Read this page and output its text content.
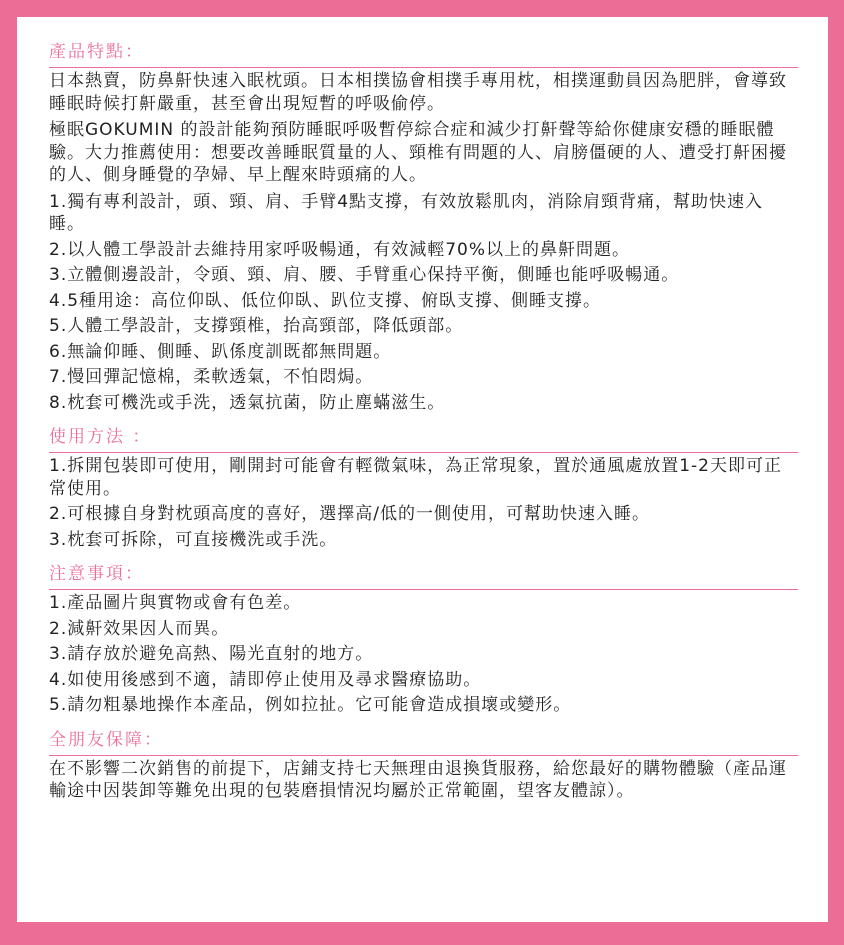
產品特點：

日本熱賣，防鼻鼾快速入眠枕頭。日本相撲協會相撲手專用枕，相撲運動員因為肥胖，會導致睡眠時候打鼾嚴重，甚至會出現短暫的呼吸偷停。

極眠GOKUMIN 的設計能夠預防睡眠呼吸暫停綜合症和減少打鼾聲等給你健康安穩的睡眠體驗。大力推薦使用：想要改善睡眠質量的人、頸椎有問題的人、肩膀僵硬的人、遭受打鼾困擾的人、側身睡覺的孕婦、早上醒來時頭痛的人。

1.獨有專利設計，頭、頸、肩、手臂4點支撐，有效放鬆肌肉，消除肩頸背痛，幫助快速入睡。

2.以人體工學設計去維持用家呼吸暢通，有效減輕70%以上的鼻鼾問題。

3.立體側邊設計，令頭、頸、肩、腰、手臂重心保持平衡，側睡也能呼吸暢通。

4.5種用途：高位仰臥、低位仰臥、趴位支撐、俯臥支撐、側睡支撐。

5.人體工學設計，支撐頸椎，抬高頸部，降低頭部。

6.無論仰睡、側睡、趴係度訓既都無問題。

7.慢回彈記憶棉，柔軟透氣，不怕悶焗。

8.枕套可機洗或手洗，透氣抗菌，防止塵蟎滋生。

使用方法 ：

1.拆開包裝即可使用，剛開封可能會有輕微氣味，為正常現象，置於通風處放置1-2天即可正常使用。

2.可根據自身對枕頭高度的喜好，選擇高/低的一側使用，可幫助快速入睡。

3.枕套可拆除，可直接機洗或手洗。

注意事項：

1.產品圖片與實物或會有色差。

2.減鼾效果因人而異。

3.請存放於避免高熱、陽光直射的地方。

4.如使用後感到不適，請即停止使用及尋求醫療協助。

5.請勿粗暴地操作本產品，例如拉扯。它可能會造成損壞或變形。

全朋友保障：

在不影響二次銷售的前提下，店鋪支持七天無理由退換貨服務，給您最好的購物體驗（產品運輸途中因裝卸等難免出現的包裝磨損情況均屬於正常範圍，望客友體諒）。
